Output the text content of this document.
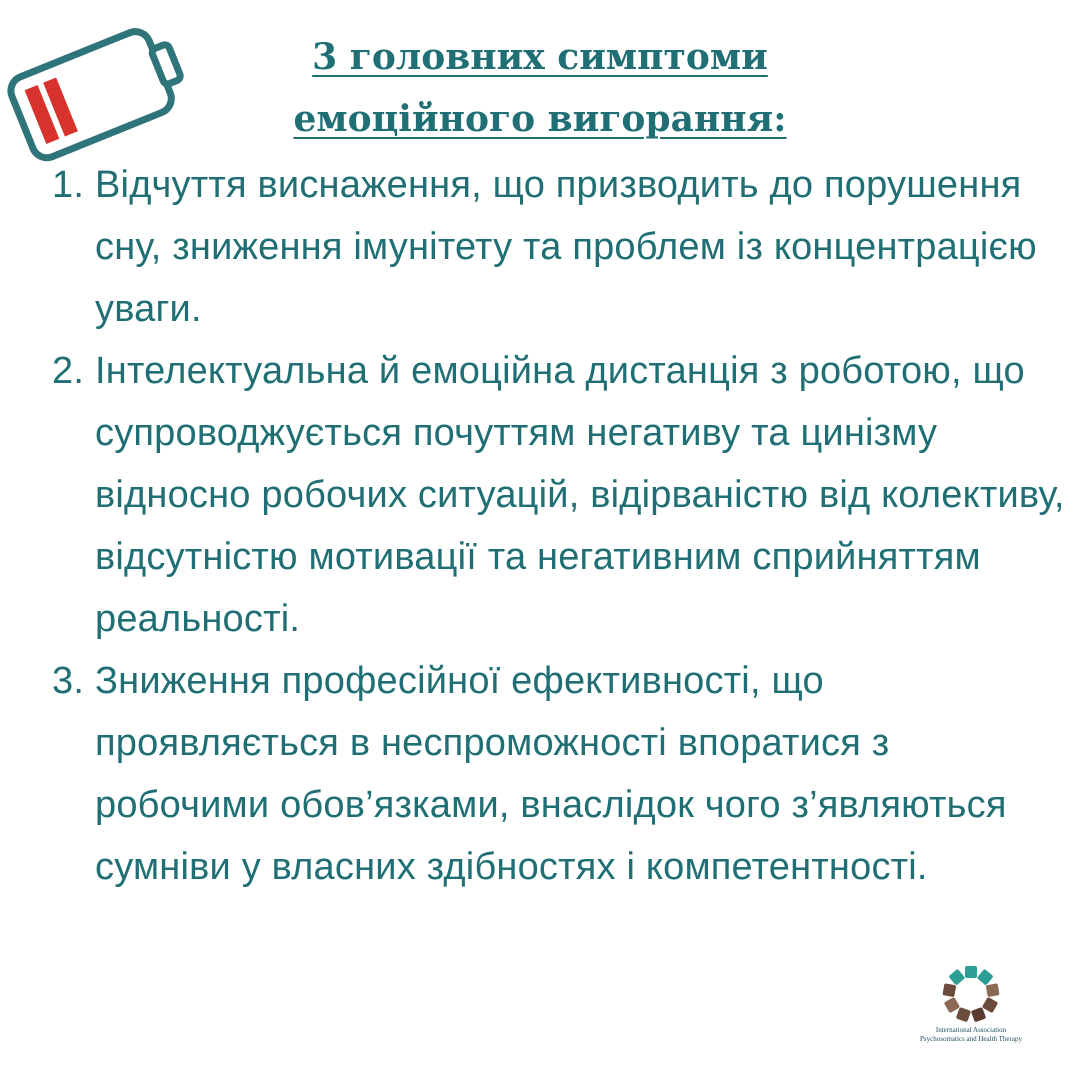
3 головних симптоми
емоційного вигорання:
1. Відчуття виснаження, що призводить до порушення сну, зниження імунітету та проблем із концентрацією уваги.
2. Інтелектуальна й емоційна дистанція з роботою, що супроводжується почуттям негативу та цинізму відносно робочих ситуацій, відірваністю від колективу, відсутністю мотивації та негативним сприйняттям реальності.
3. Зниження професійної ефективності, що проявляється в неспроможності впоратися з робочими обов’язками, внаслідок чого з’являються сумніви у власних здібностях і компетентності.
International Association
Psychosomatics and Health Therapy
